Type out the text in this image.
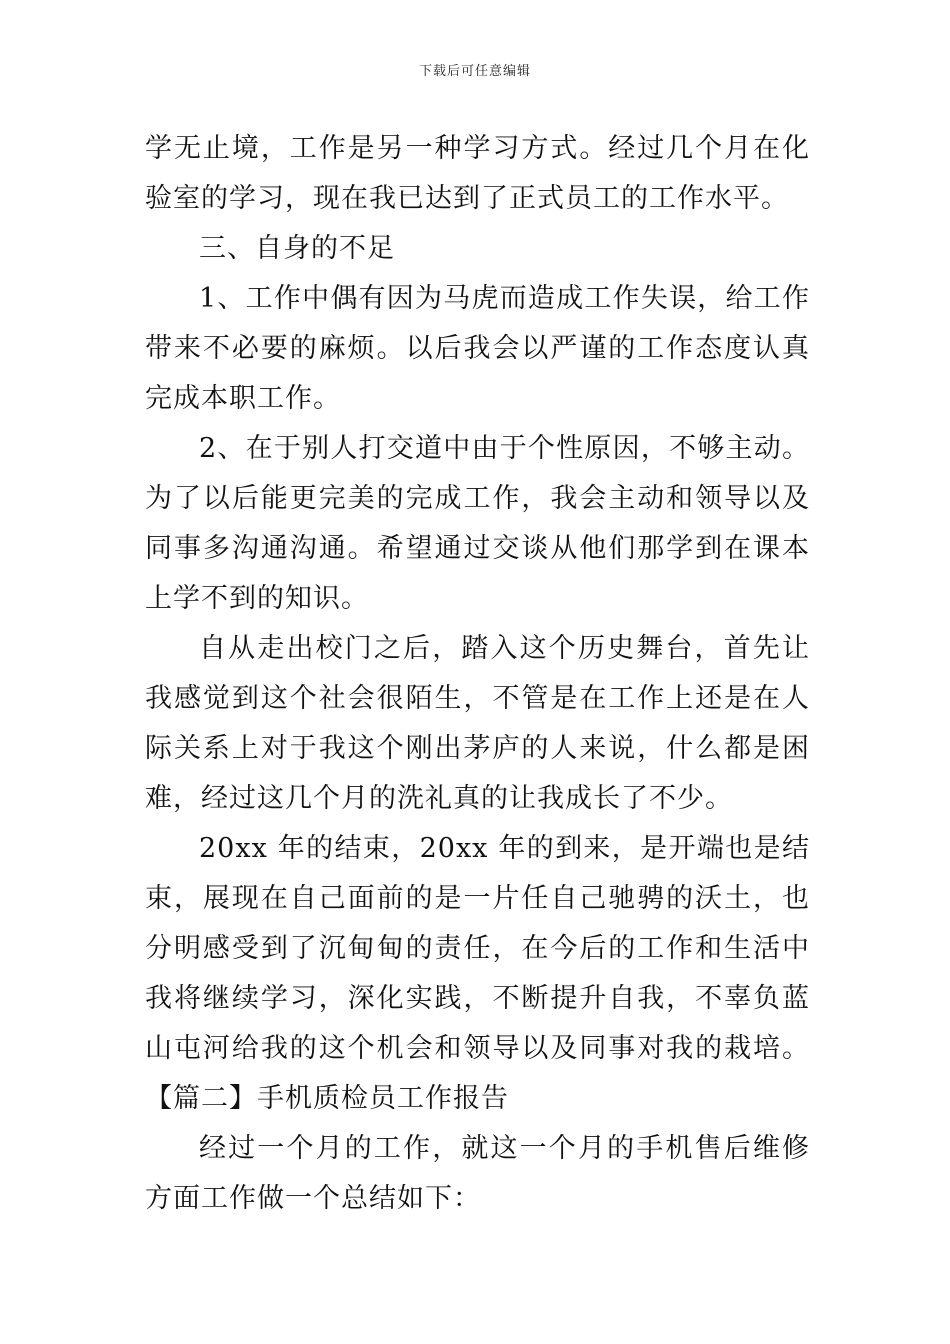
下载后可任意编辑

学无止境，工作是另一种学习方式。经过几个月在化验室的学习，现在我已达到了正式员工的工作水平。

三、自身的不足

1、工作中偶有因为马虎而造成工作失误，给工作带来不必要的麻烦。以后我会以严谨的工作态度认真完成本职工作。

2、在于别人打交道中由于个性原因，不够主动。为了以后能更完美的完成工作，我会主动和领导以及同事多沟通沟通。希望通过交谈从他们那学到在课本上学不到的知识。

自从走出校门之后，踏入这个历史舞台，首先让我感觉到这个社会很陌生，不管是在工作上还是在人际关系上对于我这个刚出茅庐的人来说，什么都是困难，经过这几个月的洗礼真的让我成长了不少。

20xx 年的结束，20xx 年的到来，是开端也是结束，展现在自己面前的是一片任自己驰骋的沃土，也分明感受到了沉甸甸的责任，在今后的工作和生活中我将继续学习，深化实践，不断提升自我，不辜负蓝山屯河给我的这个机会和领导以及同事对我的栽培。【篇二】手机质检员工作报告

经过一个月的工作，就这一个月的手机售后维修方面工作做一个总结如下：
